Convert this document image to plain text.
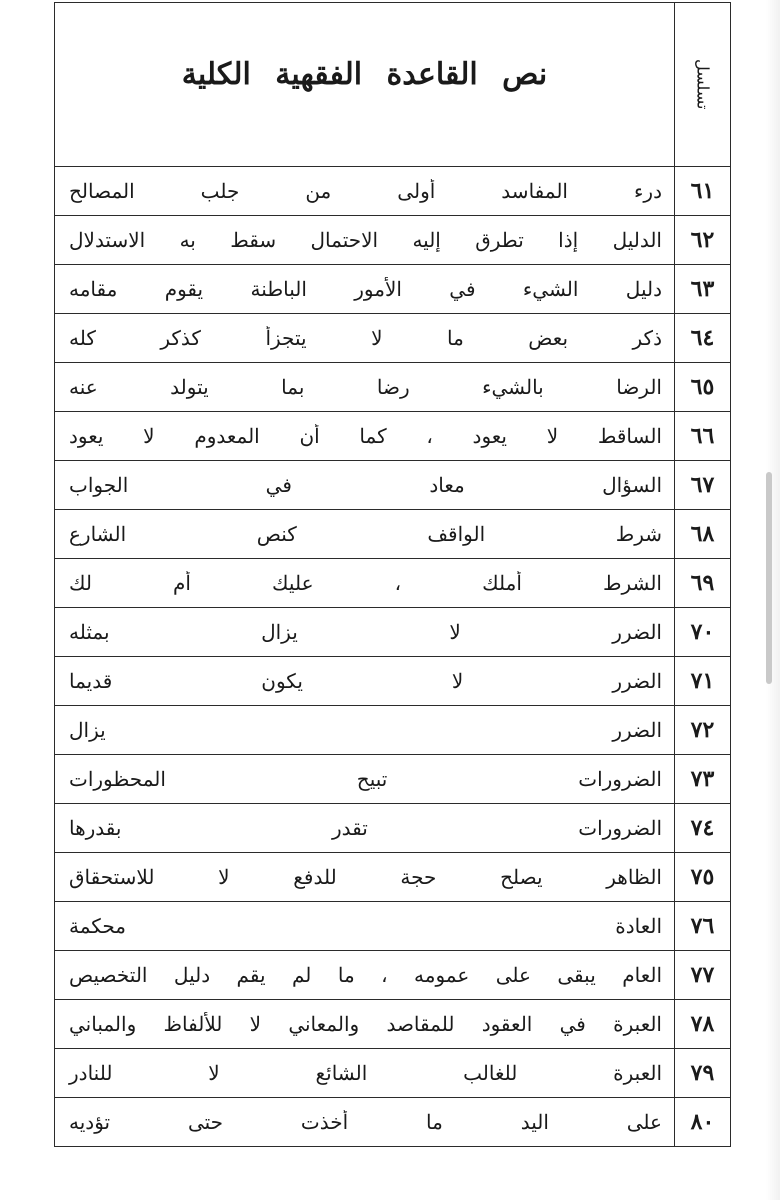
تسلسل	نص القاعدة الفقهية الكلية

٦١	درء المفاسد أولى من جلب المصالح

٦٢	الدليل إذا تطرق إليه الاحتمال سقط به الاستدلال

٦٣	دليل الشيء في الأمور الباطنة يقوم مقامه

٦٤	ذكر بعض ما لا يتجزأ كذكر كله

٦٥	الرضا بالشيء رضا بما يتولد عنه

٦٦	الساقط لا يعود ، كما أن المعدوم لا يعود

٦٧	السؤال معاد في الجواب

٦٨	شرط الواقف كنص الشارع

٦٩	الشرط أملك ، عليك أم لك

٧٠	الضرر لا يزال بمثله

٧١	الضرر لا يكون قديما

٧٢	الضرر يزال

٧٣	الضرورات تبيح المحظورات

٧٤	الضرورات تقدر بقدرها

٧٥	الظاهر يصلح حجة للدفع لا للاستحقاق

٧٦	العادة محكمة

٧٧	العام يبقى على عمومه ، ما لم يقم دليل التخصيص

٧٨	العبرة في العقود للمقاصد والمعاني لا للألفاظ والمباني

٧٩	العبرة للغالب الشائع لا للنادر

٨٠	على اليد ما أخذت حتى تؤديه
